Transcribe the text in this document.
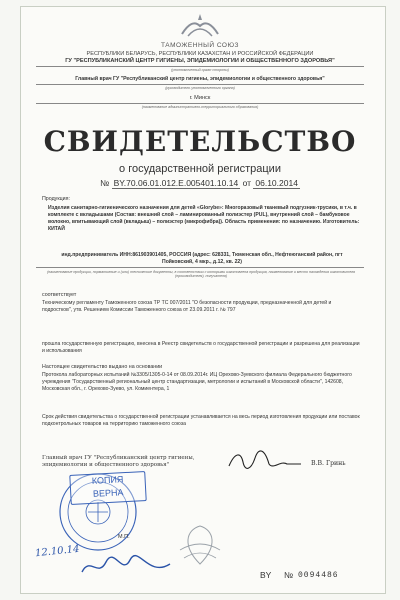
ТАМОЖЕННЫЙ СОЮЗ
РЕСПУБЛИКИ БЕЛАРУСЬ, РЕСПУБЛИКИ КАЗАХСТАН И РОССИЙСКОЙ ФЕДЕРАЦИИ
ГУ "РЕСПУБЛИКАНСКИЙ ЦЕНТР ГИГИЕНЫ, ЭПИДЕМИОЛОГИИ И ОБЩЕСТВЕННОГО ЗДОРОВЬЯ"
(уполномоченный орган стороны)
Главный врач ГУ "Республиканский центр гигиены, эпидемиологии и общественного здоровья"
(руководитель уполномоченного органа)
г. Минск
(наименование административно-территориального образования)
СВИДЕТЕЛЬСТВО
о государственной регистрации
№ BY.70.06.01.012.E.005401.10.14 от 06.10.2014
Продукция:
Изделия санитарно-гигиенического назначения для детей «Glorybe»: Многоразовый тканевый подгузник-трусики, в т.ч. в комплекте с вкладышами (Состав: внешний слой – ламинированный полиэстер (PUL), внутренний слой – бамбуковое волокно, впитывающий слой (вкладыш) – полиэстер (микрофибра)). Область применения: по назначению. Изготовитель: КИТАЙ
инд.предприниматель ИНН:861903901405, РОССИЯ (адрес: 628331, Тюменская обл., Нефтеюганский район, пгт Пойковский, 4 мкр., д.12, кв. 22)
(наименование продукции, нормативные и (или) технические документы, в соответствии с которыми изготовлена продукция, наименование и место нахождения изготовителя (производителя), получателя)
соответствует
Техническому регламенту Таможенного союза ТР ТС 007/2011 "О безопасности продукции, предназначенной для детей и подростков", утв. Решением Комиссии Таможенного союза от 23.09.2011 г. № 797
прошла государственную регистрацию, внесена в Реестр свидетельств о государственной регистрации и разрешена для реализации и использования
Настоящее свидетельство выдано на основании
Протокола лабораторных испытаний №3305/1305-0-14 от 08.09.2014г. ИЦ Орехово-Зуевского филиала Федерального бюджетного учреждения "Государственный региональный центр стандартизации, метрологии и испытаний в Московской области", 142608, Московская обл., г. Орехово-Зуево, ул. Комиентера, 1
Срок действия свидетельства о государственной регистрации устанавливается на весь период изготовления продукции или поставок подконтрольных товаров на территорию таможенного союза
Главный врач ГУ "Республиканский центр гигиены, эпидемиологии и общественного здоровья"	В.В. Гринь
КОПИЯ
ВЕРНА
М.П.
12.10.14
BY № 0094486
